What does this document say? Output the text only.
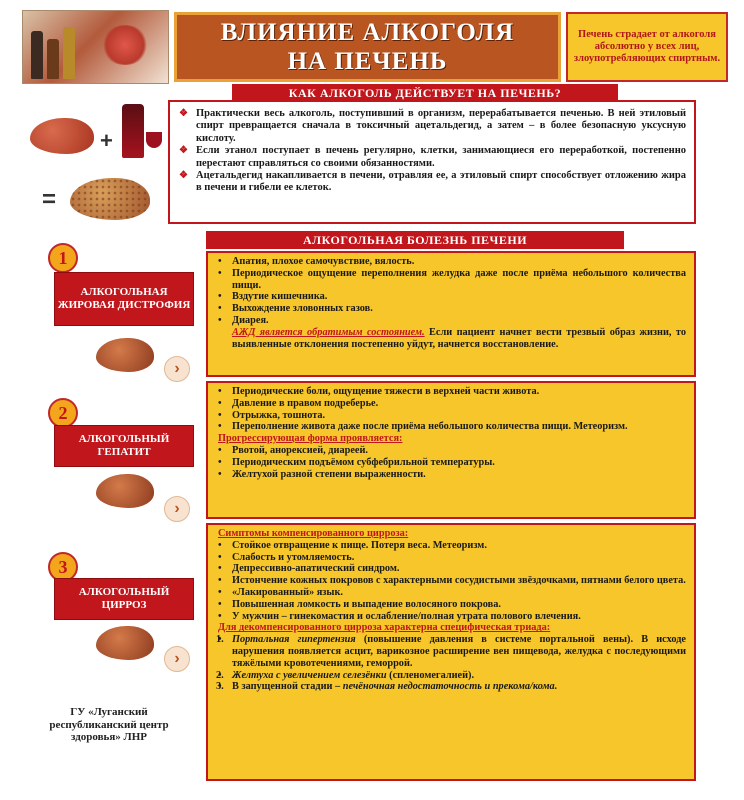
ВЛИЯНИЕ АЛКОГОЛЯ
НА ПЕЧЕНЬ
Печень страдает от алкоголя абсолютно у всех лиц, злоупотребляющих спиртным.
КАК АЛКОГОЛЬ ДЕЙСТВУЕТ НА ПЕЧЕНЬ?
+
=
❖ Практически весь алкоголь, поступивший в организм, перерабатывается печенью. В ней этиловый спирт превращается сначала в токсичный ацетальдегид, а затем – в более безопасную уксусную кислоту.
❖ Если этанол поступает в печень регулярно, клетки, занимающиеся его переработкой, постепенно перестают справляться со своими обязанностями.
❖ Ацетальдегид накапливается в печени, отравляя ее, а этиловый спирт способствует отложению жира в печени и гибели ее клеток.
АЛКОГОЛЬНАЯ БОЛЕЗНЬ ПЕЧЕНИ
1
АЛКОГОЛЬНАЯ ЖИРОВАЯ ДИСТРОФИЯ
›
• Апатия, плохое самочувствие, вялость.
• Периодическое ощущение переполнения желудка даже после приёма небольшого количества пищи.
• Вздутие кишечника.
• Выхождение зловонных газов.
• Диарея.
АЖД является обратимым состоянием. Если пациент начнет вести трезвый образ жизни, то выявленные отклонения постепенно уйдут, начнется восстановление.
2
АЛКОГОЛЬНЫЙ ГЕПАТИТ
›
• Периодические боли, ощущение тяжести в верхней части живота.
• Давление в правом подреберье.
• Отрыжка, тошнота.
• Переполнение живота даже после приёма небольшого количества пищи. Метеоризм.
Прогрессирующая форма проявляется:
• Рвотой, анорексией, диареей.
• Периодическим подъёмом субфебрильной температуры.
• Желтухой разной степени выраженности.
3
АЛКОГОЛЬНЫЙ ЦИРРОЗ
›
Симптомы компенсированного цирроза:
• Стойкое отвращение к пище. Потеря веса. Метеоризм.
• Слабость и утомляемость.
• Депрессивно-апатический синдром.
• Истончение кожных покровов с характерными сосудистыми звёздочками, пятнами белого цвета.
• «Лакированный» язык.
• Повышенная ломкость и выпадение волосяного покрова.
• У мужчин – гинекомастия и ослабление/полная утрата полового влечения.
Для декомпенсированного цирроза характерна специфическая триада:
• 1. Портальная гипертензия (повышение давления в системе портальной вены). В исходе нарушения появляется асцит, варикозное расширение вен пищевода, желудка с последующими тяжёлыми кровотечениями, геморрой.
• 2. Желтуха с увеличением селезёнки (спленомегалией).
• 3. В запущенной стадии – печёночная недостаточность и прекома/кома.
ГУ «Луганский республиканский центр здоровья» ЛНР
